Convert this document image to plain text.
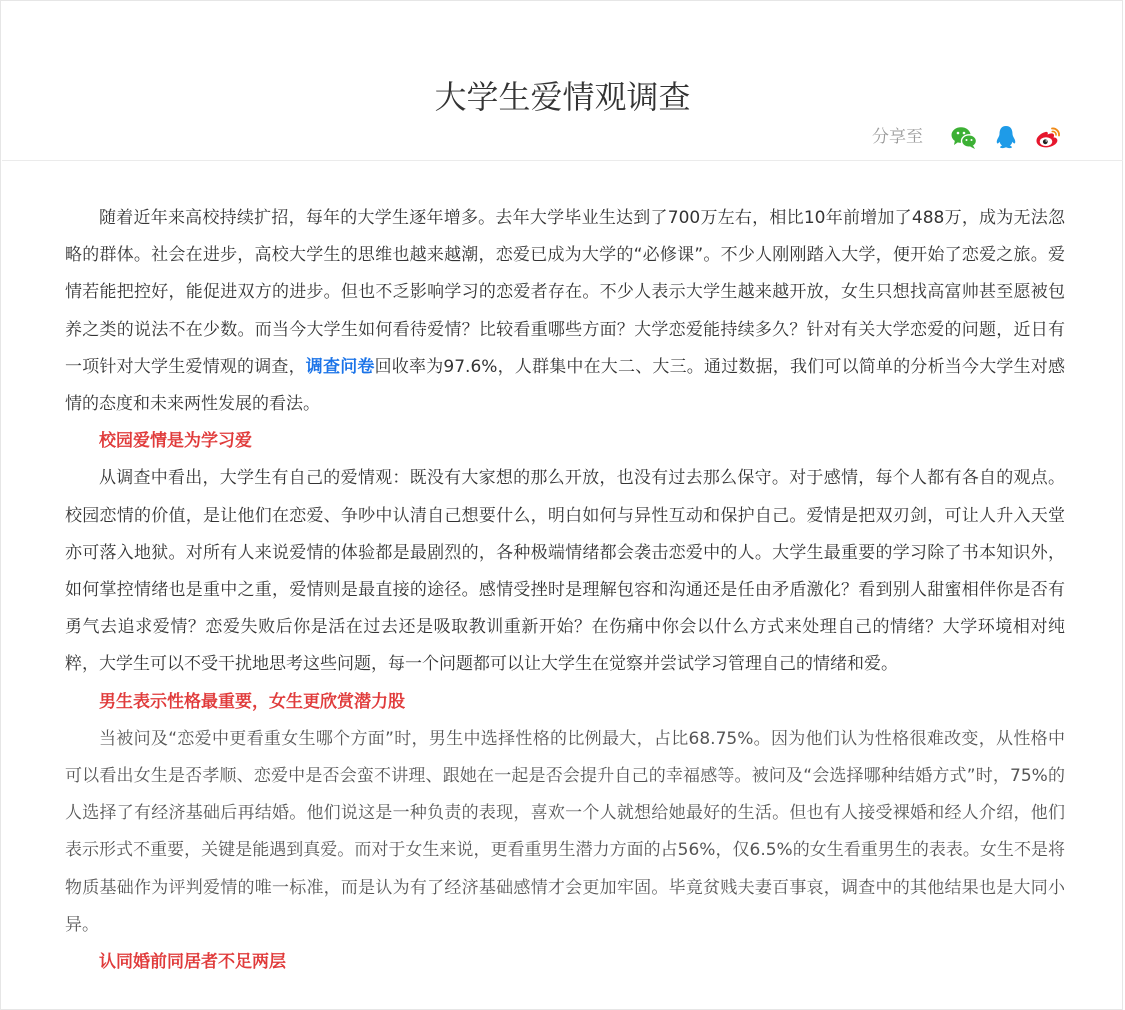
大学生爱情观调查
分享至

随着近年来高校持续扩招，每年的大学生逐年增多。去年大学毕业生达到了700万左右，相比10年前增加了488万，成为无法忽略的群体。社会在进步，高校大学生的思维也越来越潮，恋爱已成为大学的“必修课”。不少人刚刚踏入大学，便开始了恋爱之旅。爱情若能把控好，能促进双方的进步。但也不乏影响学习的恋爱者存在。不少人表示大学生越来越开放，女生只想找高富帅甚至愿被包养之类的说法不在少数。而当今大学生如何看待爱情？比较看重哪些方面？大学恋爱能持续多久？针对有关大学恋爱的问题，近日有一项针对大学生爱情观的调查，调查问卷回收率为97.6%，人群集中在大二、大三。通过数据，我们可以简单的分析当今大学生对感情的态度和未来两性发展的看法。

校园爱情是为学习爱

从调查中看出，大学生有自己的爱情观：既没有大家想的那么开放，也没有过去那么保守。对于感情，每个人都有各自的观点。校园恋情的价值，是让他们在恋爱、争吵中认清自己想要什么，明白如何与异性互动和保护自己。爱情是把双刃剑，可让人升入天堂亦可落入地狱。对所有人来说爱情的体验都是最剧烈的，各种极端情绪都会袭击恋爱中的人。大学生最重要的学习除了书本知识外，如何掌控情绪也是重中之重，爱情则是最直接的途径。感情受挫时是理解包容和沟通还是任由矛盾激化？看到别人甜蜜相伴你是否有勇气去追求爱情？恋爱失败后你是活在过去还是吸取教训重新开始？在伤痛中你会以什么方式来处理自己的情绪？大学环境相对纯粹，大学生可以不受干扰地思考这些问题，每一个问题都可以让大学生在觉察并尝试学习管理自己的情绪和爱。

男生表示性格最重要，女生更欣赏潜力股

当被问及“恋爱中更看重女生哪个方面”时，男生中选择性格的比例最大，占比68.75%。因为他们认为性格很难改变，从性格中可以看出女生是否孝顺、恋爱中是否会蛮不讲理、跟她在一起是否会提升自己的幸福感等。被问及“会选择哪种结婚方式”时，75%的人选择了有经济基础后再结婚。他们说这是一种负责的表现，喜欢一个人就想给她最好的生活。但也有人接受裸婚和经人介绍，他们表示形式不重要，关键是能遇到真爱。而对于女生来说，更看重男生潜力方面的占56%，仅6.5%的女生看重男生的表表。女生不是将物质基础作为评判爱情的唯一标准，而是认为有了经济基础感情才会更加牢固。毕竟贫贱夫妻百事哀，调查中的其他结果也是大同小异。

认同婚前同居者不足两层
